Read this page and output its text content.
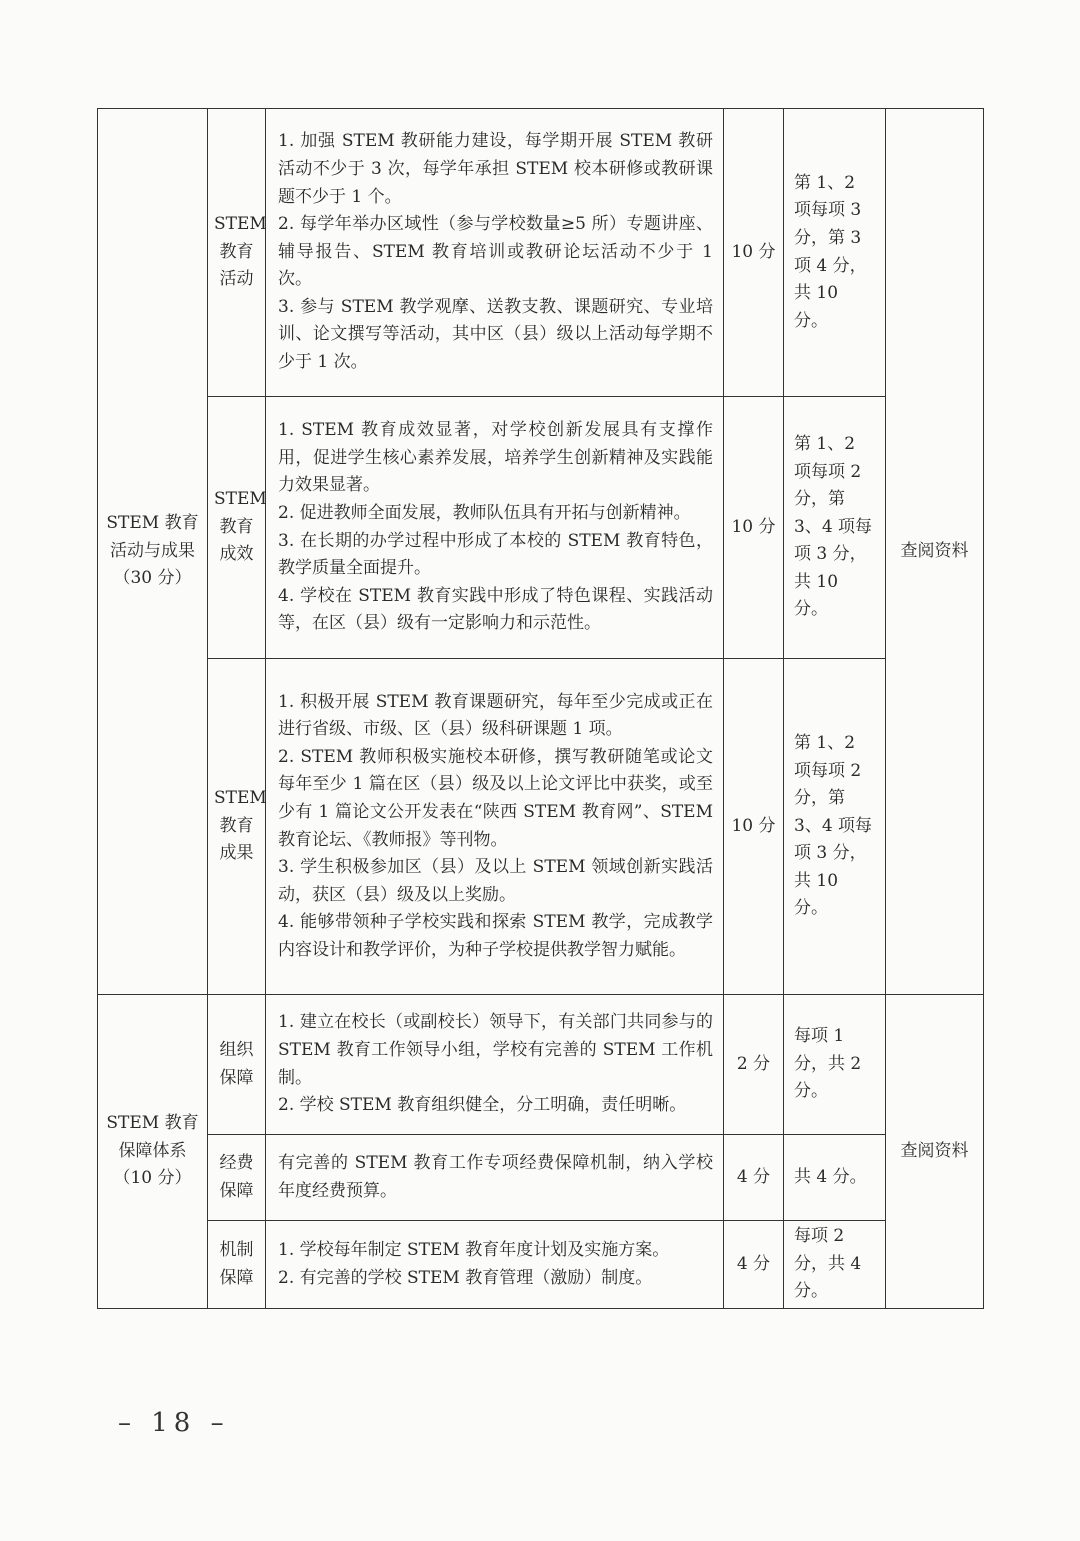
STEM 教育活动与成果（30 分）	STEM 教育活动	1. 加强 STEM 教研能力建设，每学期开展 STEM 教研活动不少于 3 次，每学年承担 STEM 校本研修或教研课题不少于 1 个。
2. 每学年举办区域性（参与学校数量≥5 所）专题讲座、辅导报告、STEM 教育培训或教研论坛活动不少于 1 次。
3. 参与 STEM 教学观摩、送教支教、课题研究、专业培训、论文撰写等活动，其中区（县）级以上活动每学期不少于 1 次。	10 分	第 1、2 项每项 3 分，第 3 项 4 分，共 10 分。	查阅资料
	STEM 教育成效	1. STEM 教育成效显著，对学校创新发展具有支撑作用，促进学生核心素养发展，培养学生创新精神及实践能力效果显著。
2. 促进教师全面发展，教师队伍具有开拓与创新精神。
3. 在长期的办学过程中形成了本校的 STEM 教育特色，教学质量全面提升。
4. 学校在 STEM 教育实践中形成了特色课程、实践活动等，在区（县）级有一定影响力和示范性。	10 分	第 1、2 项每项 2 分，第 3、4 项每项 3 分，共 10 分。	
	STEM 教育成果	1. 积极开展 STEM 教育课题研究，每年至少完成或正在进行省级、市级、区（县）级科研课题 1 项。
2. STEM 教师积极实施校本研修，撰写教研随笔或论文每年至少 1 篇在区（县）级及以上论文评比中获奖，或至少有 1 篇论文公开发表在“陕西 STEM 教育网”、STEM 教育论坛、《教师报》等刊物。
3. 学生积极参加区（县）及以上 STEM 领域创新实践活动，获区（县）级及以上奖励。
4. 能够带领种子学校实践和探索 STEM 教学，完成教学内容设计和教学评价，为种子学校提供教学智力赋能。	10 分	第 1、2 项每项 2 分，第 3、4 项每项 3 分，共 10 分。	
STEM 教育保障体系（10 分）	组织保障	1. 建立在校长（或副校长）领导下，有关部门共同参与的 STEM 教育工作领导小组，学校有完善的 STEM 工作机制。
2. 学校 STEM 教育组织健全，分工明确，责任明晰。	2 分	每项 1 分，共 2 分。	查阅资料
	经费保障	有完善的 STEM 教育工作专项经费保障机制，纳入学校年度经费预算。	4 分	共 4 分。	
	机制保障	1. 学校每年制定 STEM 教育年度计划及实施方案。
2. 有完善的学校 STEM 教育管理（激励）制度。	4 分	每项 2 分，共 4 分。	
– 18 –
